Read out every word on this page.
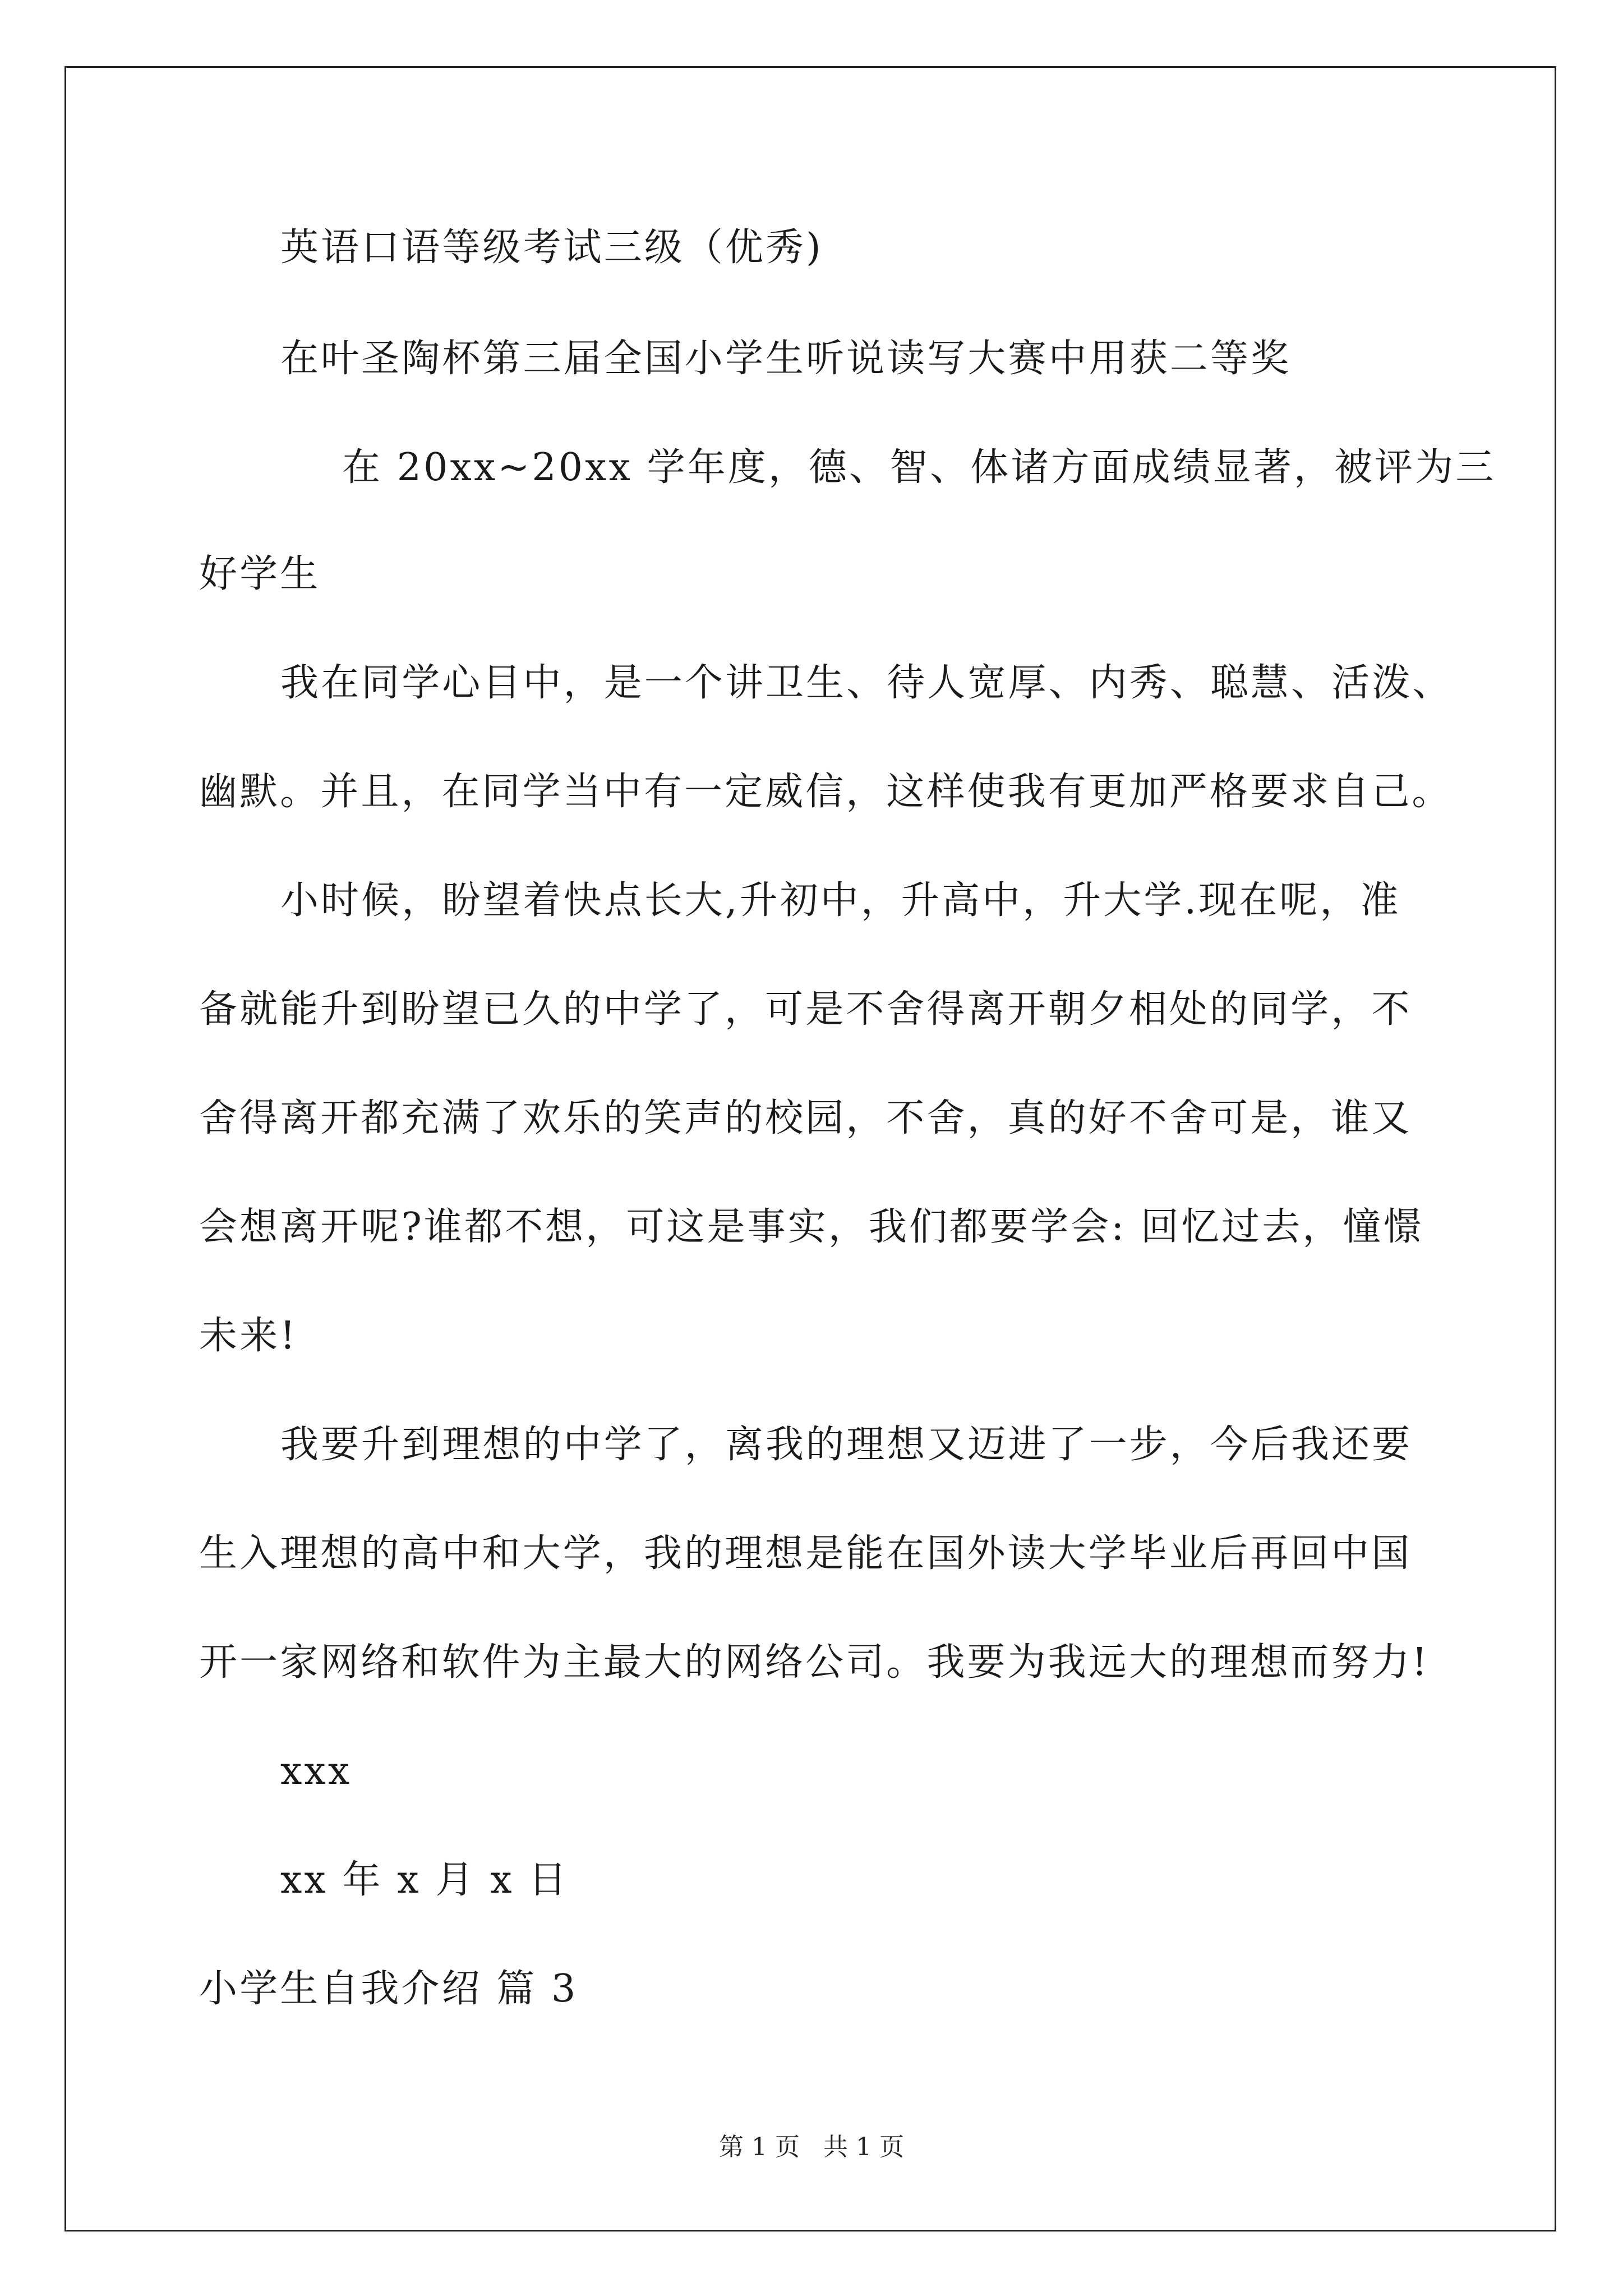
英语口语等级考试三级（优秀)
在叶圣陶杯第三届全国小学生听说读写大赛中用获二等奖
在 20xx~20xx 学年度，德、智、体诸方面成绩显著，被评为三
好学生
我在同学心目中，是一个讲卫生、待人宽厚、内秀、聪慧、活泼、
幽默。并且，在同学当中有一定威信，这样使我有更加严格要求自己。
小时候，盼望着快点长大,升初中，升高中，升大学.现在呢，准
备就能升到盼望已久的中学了，可是不舍得离开朝夕相处的同学，不
舍得离开都充满了欢乐的笑声的校园，不舍，真的好不舍可是，谁又
会想离开呢?谁都不想，可这是事实，我们都要学会: 回忆过去，憧憬
未来!
我要升到理想的中学了，离我的理想又迈进了一步，今后我还要
生入理想的高中和大学，我的理想是能在国外读大学毕业后再回中国
开一家网络和软件为主最大的网络公司。我要为我远大的理想而努力!
xxx
xx 年 x 月 x 日
小学生自我介绍 篇 3
第 1 页   共 1 页
